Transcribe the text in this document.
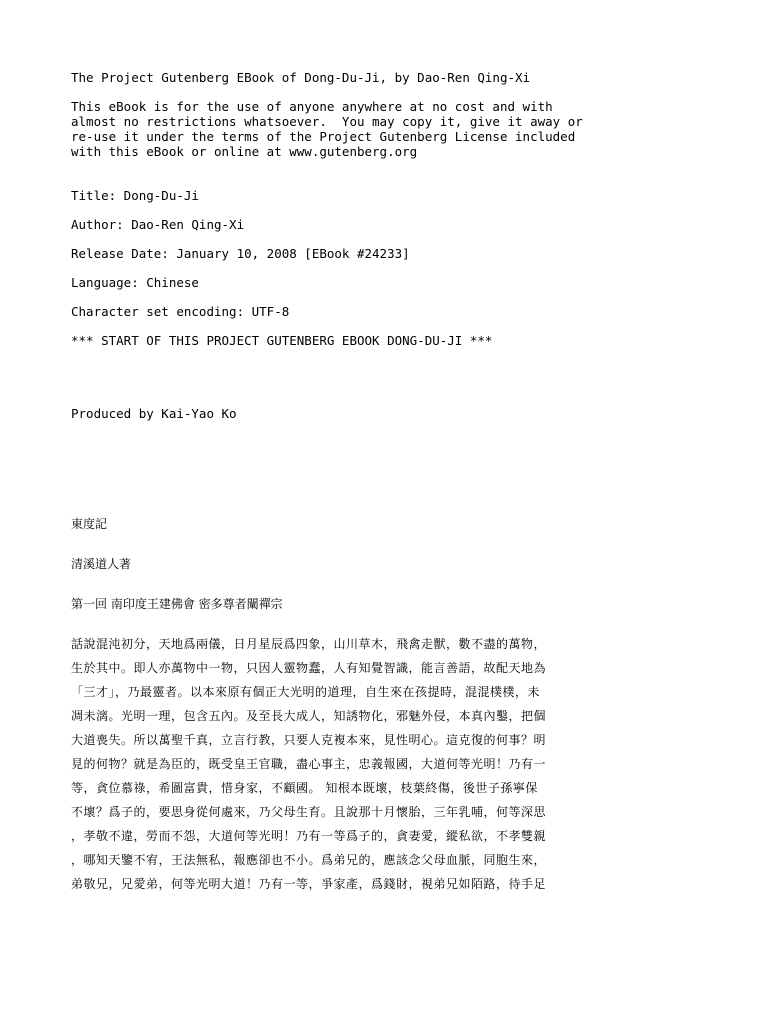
The Project Gutenberg EBook of Dong-Du-Ji, by Dao-Ren Qing-Xi
This eBook is for the use of anyone anywhere at no cost and with
almost no restrictions whatsoever.  You may copy it, give it away or
re-use it under the terms of the Project Gutenberg License included
with this eBook or online at www.gutenberg.org
Title: Dong-Du-Ji
Author: Dao-Ren Qing-Xi
Release Date: January 10, 2008 [EBook #24233]
Language: Chinese
Character set encoding: UTF-8
*** START OF THIS PROJECT GUTENBERG EBOOK DONG-DU-JI ***
Produced by Kai-Yao Ko
東度記
清溪道人著
第一回 南印度王建佛會 密多尊者闡禪宗
話說混沌初分，天地爲兩儀，日月星辰爲四象，山川草木，飛禽走獸，數不盡的萬物，
生於其中。即人亦萬物中一物，只因人靈物蠢，人有知覺智識，能言善語，故配天地為
「三才」，乃最靈者。以本來原有個正大光明的道理，自生來在孩提時，混混樸樸，未
凋未漓。光明一理，包含五內。及至長大成人，知誘物化，邪魅外侵，本真內鑿，把個
大道喪失。所以萬聖千真，立言行教，只要人克複本來，見性明心。這克復的何事？明
見的何物？就是為臣的，既受皇王官職，盡心事主，忠義報國，大道何等光明！乃有一
等，貪位慕祿，希圖富貴，惜身家，不顧國。 知根本既壞，枝葉終傷，後世子孫寧保
不壞？爲子的，要思身從何處來，乃父母生育。且說那十月懷胎，三年乳哺，何等深思
，孝敬不違，勞而不怨，大道何等光明！乃有一等爲子的，貪妻愛，縱私欲，不孝雙親
，哪知天鑒不宥，王法無私，報應卻也不小。爲弟兄的，應該念父母血脈，同胞生來，
弟敬兄，兄愛弟，何等光明大道！乃有一等，爭家產，爲錢財，視弟兄如陌路，待手足
